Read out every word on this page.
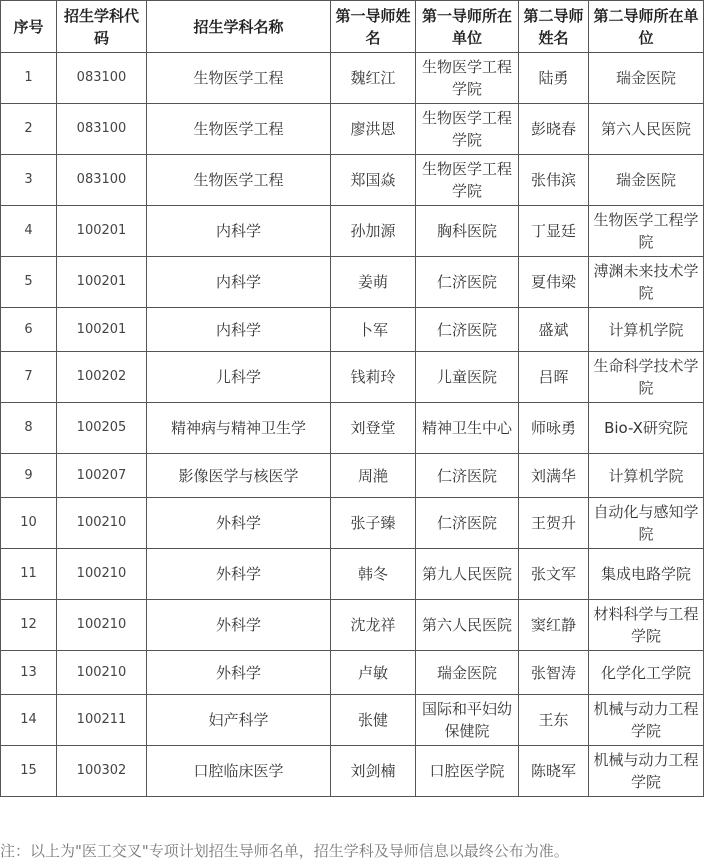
序号	招生学科代码	招生学科名称	第一导师姓名	第一导师所在单位	第二导师姓名	第二导师所在单位
1	083100	生物医学工程	魏红江	生物医学工程学院	陆勇	瑞金医院
2	083100	生物医学工程	廖洪恩	生物医学工程学院	彭晓春	第六人民医院
3	083100	生物医学工程	郑国焱	生物医学工程学院	张伟滨	瑞金医院
4	100201	内科学	孙加源	胸科医院	丁显廷	生物医学工程学院
5	100201	内科学	姜萌	仁济医院	夏伟梁	溥渊未来技术学院
6	100201	内科学	卜军	仁济医院	盛斌	计算机学院
7	100202	儿科学	钱莉玲	儿童医院	吕晖	生命科学技术学院
8	100205	精神病与精神卫生学	刘登堂	精神卫生中心	师咏勇	Bio-X研究院
9	100207	影像医学与核医学	周滟	仁济医院	刘满华	计算机学院
10	100210	外科学	张子臻	仁济医院	王贺升	自动化与感知学院
11	100210	外科学	韩冬	第九人民医院	张文军	集成电路学院
12	100210	外科学	沈龙祥	第六人民医院	窦红静	材料科学与工程学院
13	100210	外科学	卢敏	瑞金医院	张智涛	化学化工学院
14	100211	妇产科学	张健	国际和平妇幼保健院	王东	机械与动力工程学院
15	100302	口腔临床医学	刘剑楠	口腔医学院	陈晓军	机械与动力工程学院
注：以上为"医工交叉"专项计划招生导师名单，招生学科及导师信息以最终公布为准。
